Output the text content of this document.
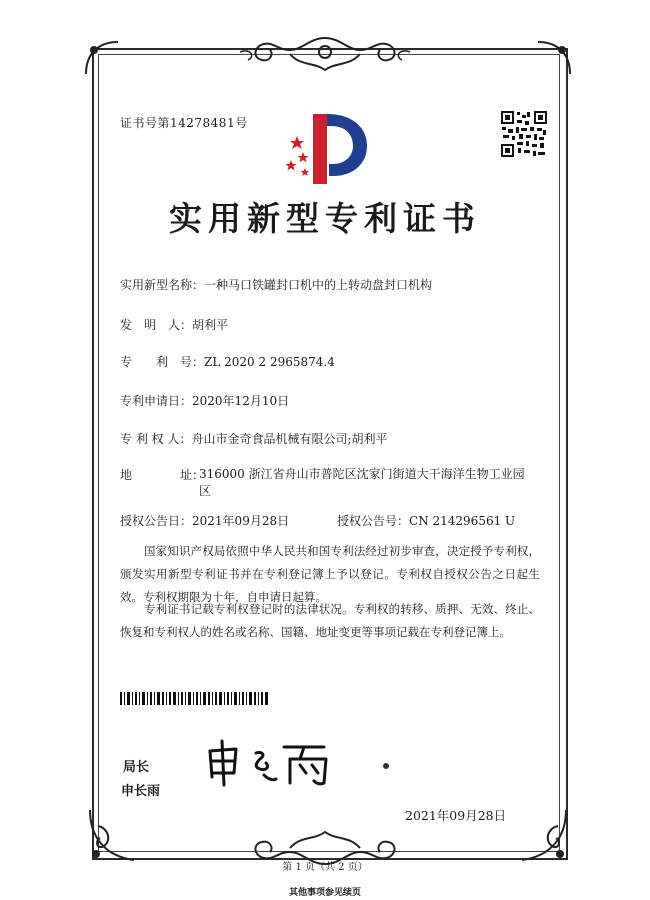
证书号第14278481号
实用新型专利证书
实用新型名称：一种马口铁罐封口机中的上转动盘封口机构
发　明　人：胡利平
专　　利　号：ZL 2020 2 2965874.4
专利申请日：2020年12月10日
专 利 权 人：舟山市金奇食品机械有限公司;胡利平
地　　　　址：
316000 浙江省舟山市普陀区沈家门街道大干海洋生物工业园区
授权公告日：2021年09月28日	授权公告号：CN 214296561 U
国家知识产权局依照中华人民共和国专利法经过初步审查，决定授予专利权，颁发实用新型专利证书并在专利登记簿上予以登记。专利权自授权公告之日起生效。专利权期限为十年，自申请日起算。
专利证书记载专利权登记时的法律状况。专利权的转移、质押、无效、终止、恢复和专利权人的姓名或名称、国籍、地址变更等事项记载在专利登记簿上。
局长
申长雨
2021年09月28日
第 1 页（共 2 页）
其他事项参见续页
